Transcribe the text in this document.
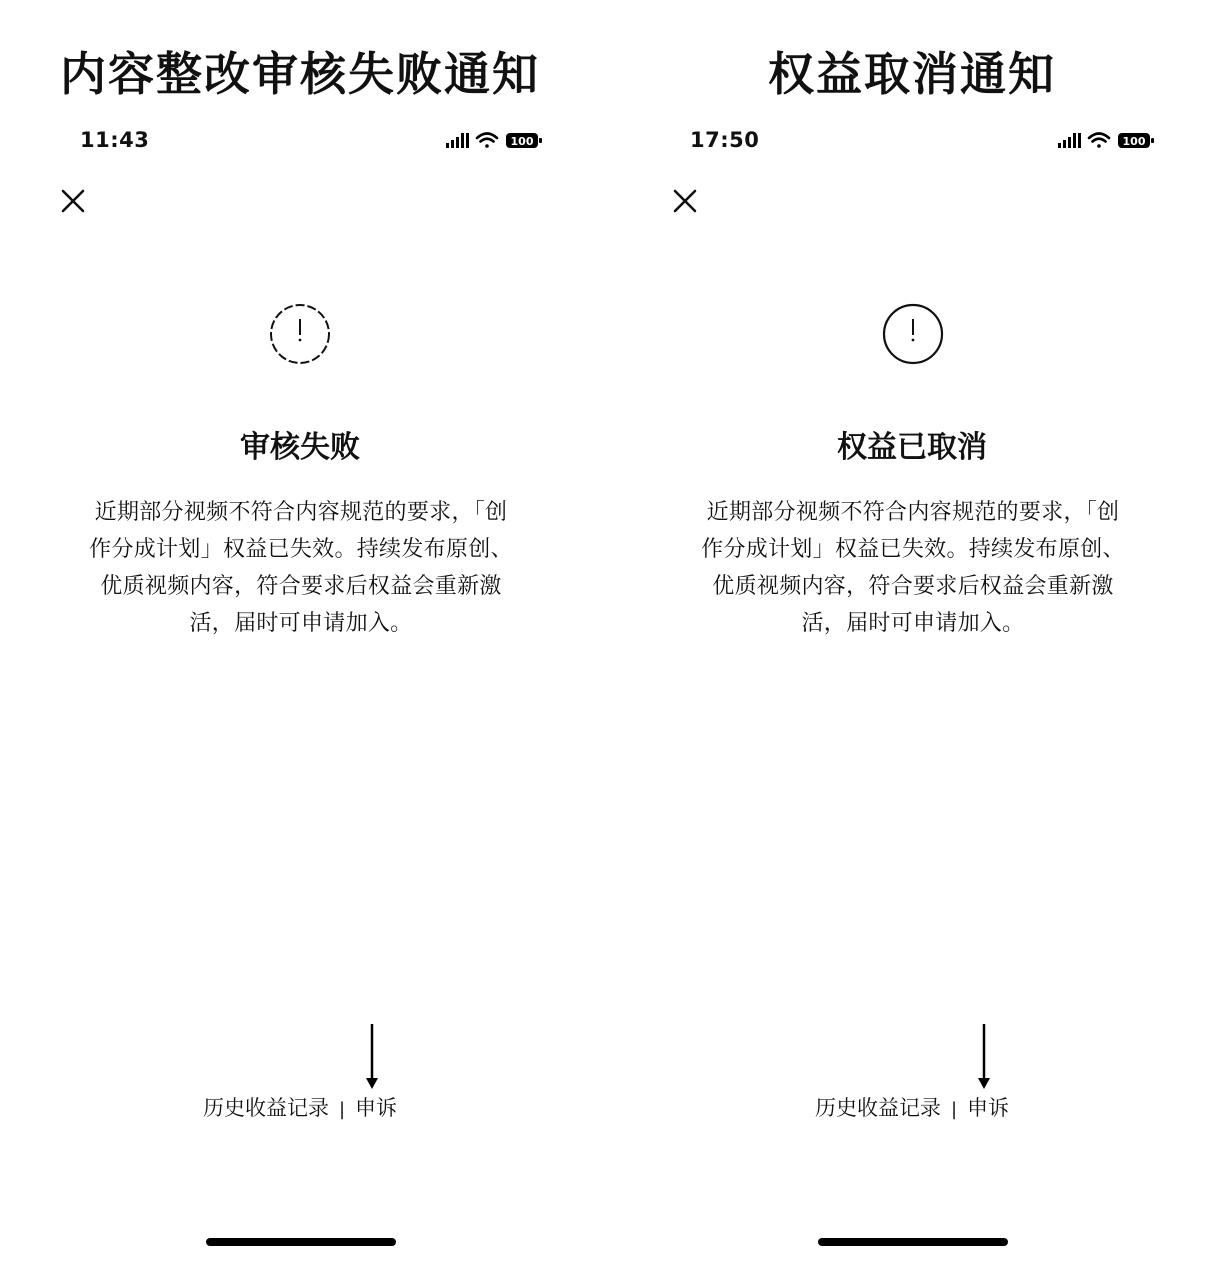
内容整改审核失败通知
11:43	100
审核失败
近期部分视频不符合内容规范的要求，「创
作分成计划」权益已失效。持续发布原创、
优质视频内容，符合要求后权益会重新激
活，届时可申请加入。
历史收益记录 | 申诉
权益取消通知
17:50	100
权益已取消
近期部分视频不符合内容规范的要求，「创
作分成计划」权益已失效。持续发布原创、
优质视频内容，符合要求后权益会重新激
活，届时可申请加入。
历史收益记录 | 申诉
